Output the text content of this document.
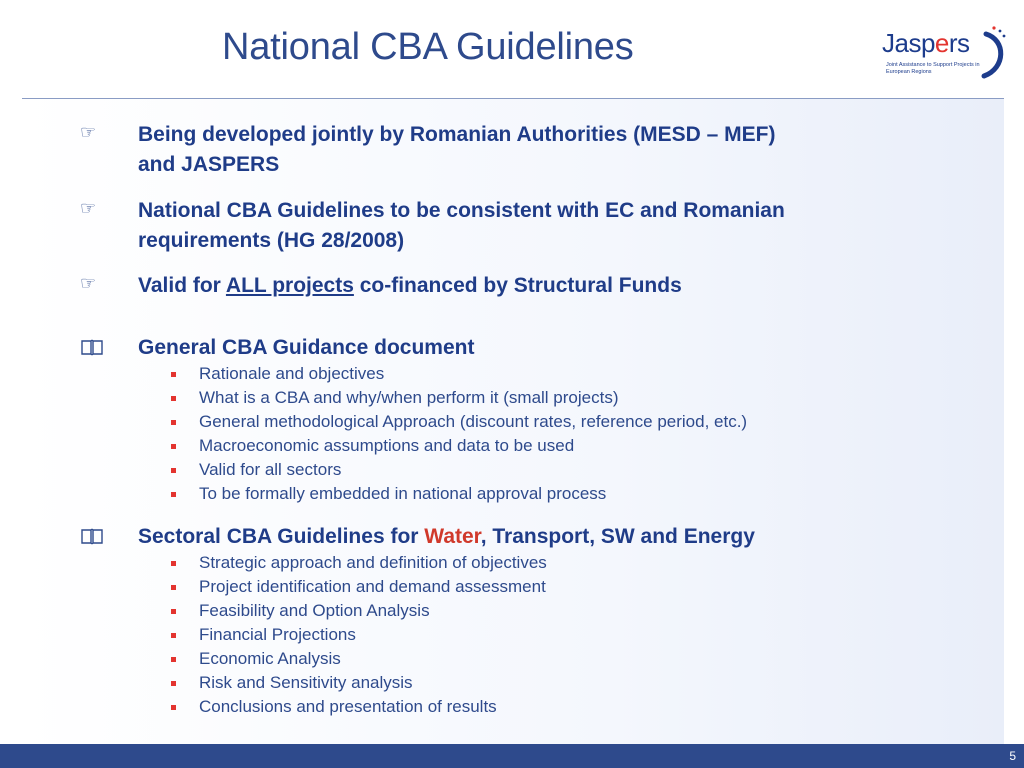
National CBA Guidelines	Jaspers
Joint Assistance to Support Projects in European Regions
☞	Being developed jointly by Romanian Authorities (MESD – MEF)
and JASPERS
☞	National CBA Guidelines to be consistent with EC and Romanian
requirements (HG 28/2008)
☞	Valid for ALL projects co-financed by Structural Funds
General CBA Guidance document
Rationale and objectives
What is a CBA and why/when perform it (small projects)
General methodological Approach (discount rates, reference period, etc.)
Macroeconomic assumptions and data to be used
Valid for all sectors
To be formally embedded in national approval process
Sectoral CBA Guidelines for Water, Transport, SW and Energy
Strategic approach and definition of objectives
Project identification and demand assessment
Feasibility and Option Analysis
Financial Projections
Economic Analysis
Risk and Sensitivity analysis
Conclusions and presentation of results
5
